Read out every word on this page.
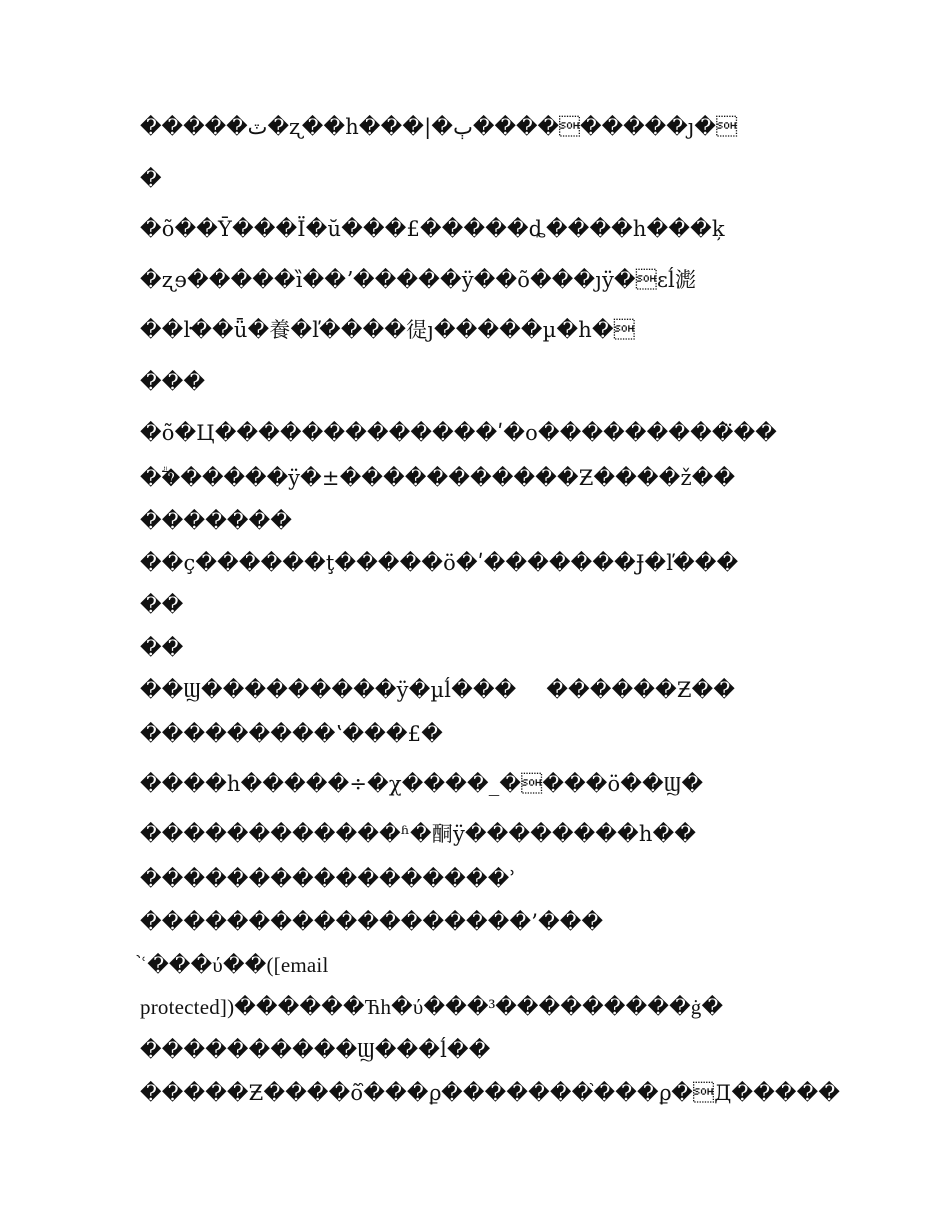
�����ٽ�ʐ��h���|�ٻ���������ȷ�
�
�õ��Ȳ���Ϊ�ŭ���£�����ȡ����h���ķ
�ʐɘ�����ȉ��ʼ�����ÿ��õ���ȷÿ�ɛĺ滮
��ŀ��ǖ�養�ľ����徥ȷ�����µ�h�
���
�õ�Ц�������������ʹ�o���������̈��
��ؖ�����ÿ�±�����������Ƶ����ž��
�������
��ç������ţ�����ö�ʹ�������Ɉ�ľ���
��
��
��Ϣ���������ÿ�µĺ��� ������Ƶ��
���������ʽ���£�
����h�����÷�χ����_����ö��Ϣ�
������������ʱ�酮ÿ��������h��
�����������������ʾ
������������������’���
ʿ֙���ύ��([email
protected])������Ћh�ύ���³���������ġ�
����������Ϣ���ĺ��
�����Ƶ����õ֙���ϼ�������֙���ϼ�Д�����
